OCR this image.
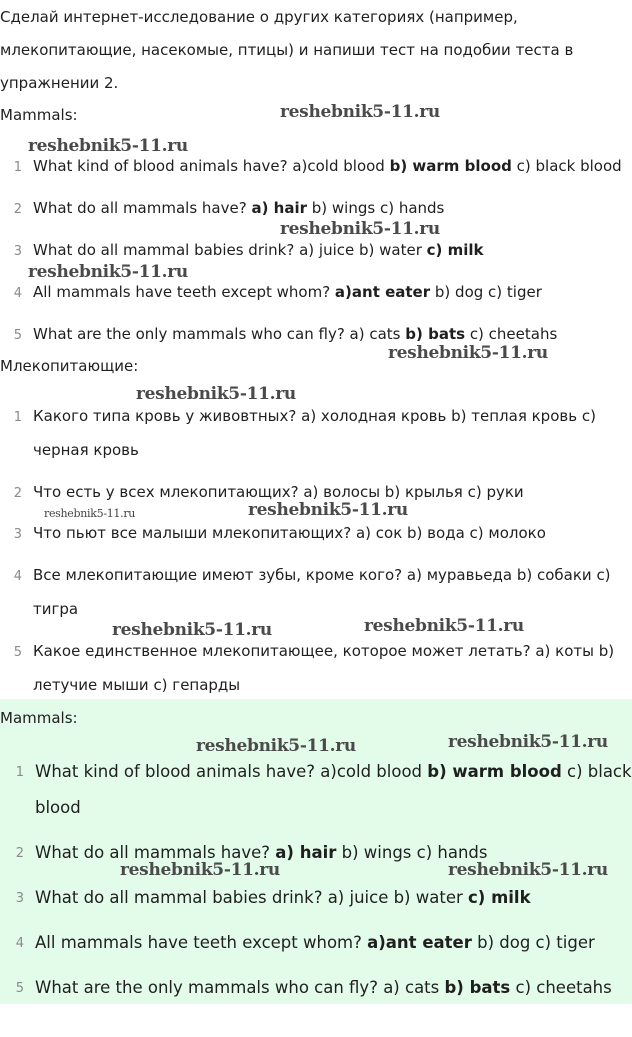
Сделай интернет-исследование о других категориях (например,
млекопитающие, насекомые, птицы) и напиши тест на подобии теста в
упражнении 2.
Mammals:	reshebnik5-11.ru
reshebnik5-11.ru
1 What kind of blood animals have? a)cold blood b) warm blood c) black blood
2 What do all mammals have? a) hair b) wings c) hands
reshebnik5-11.ru
3 What do all mammal babies drink? a) juice b) water c) milk
reshebnik5-11.ru
4 All mammals have teeth except whom? a)ant eater b) dog c) tiger
5 What are the only mammals who can fly? a) cats b) bats c) cheetahs
reshebnik5-11.ru
Млекопитающие:
reshebnik5-11.ru
1 Какого типа кровь у живовтных? а) холодная кровь b) теплая кровь c)
черная кровь
2 Что есть у всех млекопитающих? а) волосы b) крылья с) руки
reshebnik5-11.ru	reshebnik5-11.ru
3 Что пьют все малыши млекопитающих? а) сок b) вода c) молоко
4 Все млекопитающие имеют зубы, кроме кого? а) муравьеда b) собаки c)
тигра
reshebnik5-11.ru	reshebnik5-11.ru
5 Какое единственное млекопитающее, которое может летать? а) коты b)
летучие мыши с) гепарды
Mammals:
reshebnik5-11.ru	reshebnik5-11.ru
1 What kind of blood animals have? a)cold blood b) warm blood c) black
blood
2 What do all mammals have? a) hair b) wings c) hands
reshebnik5-11.ru	reshebnik5-11.ru
3 What do all mammal babies drink? a) juice b) water c) milk
4 All mammals have teeth except whom? a)ant eater b) dog c) tiger
5 What are the only mammals who can fly? a) cats b) bats c) cheetahs
